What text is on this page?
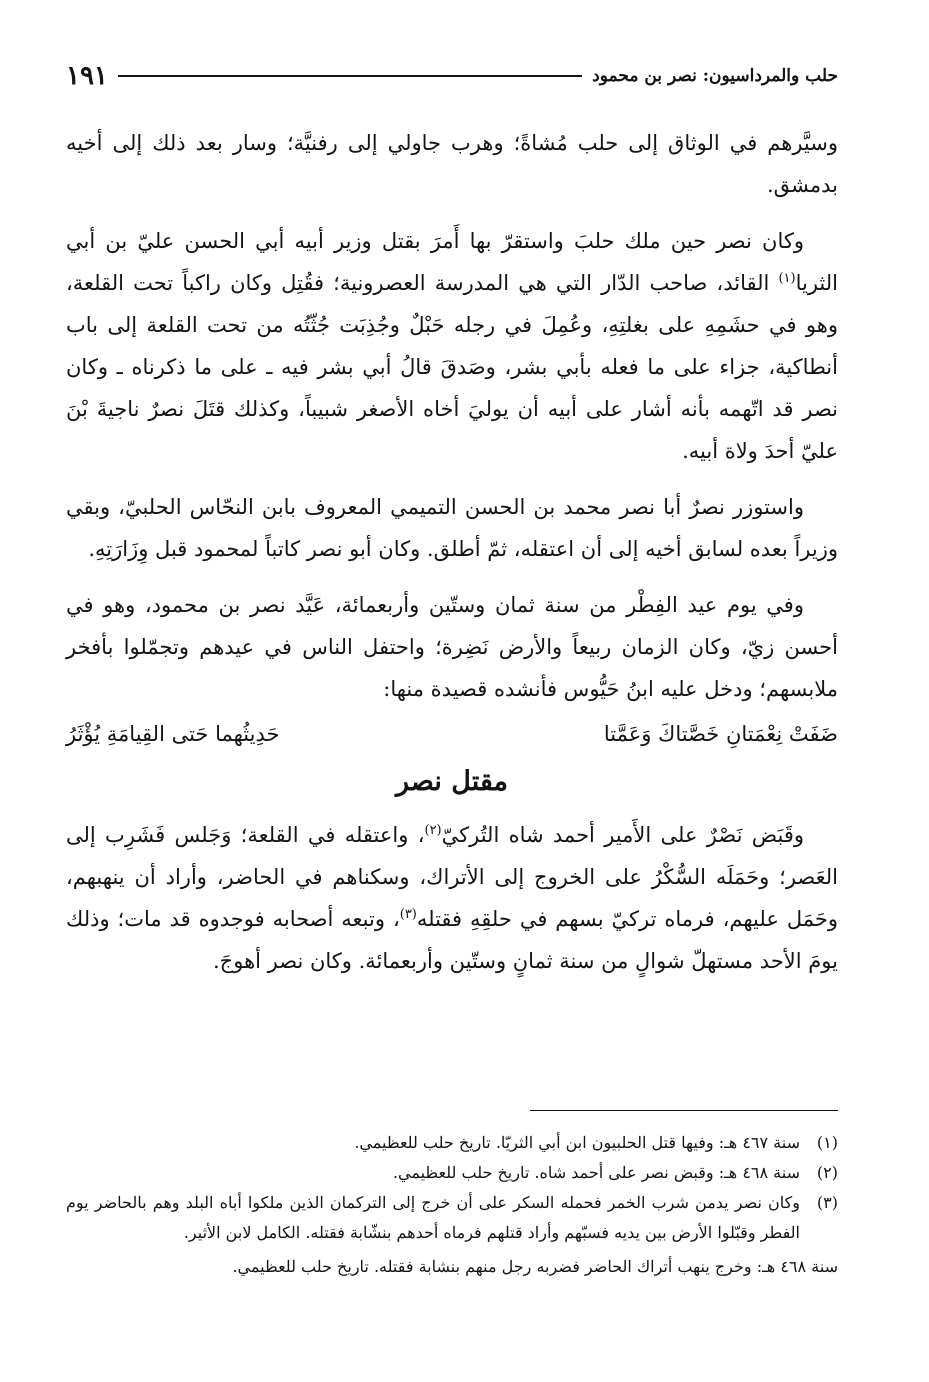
حلب والمرداسيون: نصر بن محمود
١٩١

وسيَّرهم في الوثاق إلى حلب مُشاةً؛ وهرب جاولي إلى رفنيَّة؛ وسار بعد ذلك إلى أخيه بدمشق.

وكان نصر حين ملك حلبَ واستقرّ بها أَمرَ بقتل وزير أبيه أبي الحسن عليّ بن أبي الثريا$^{(١)}$ القائد، صاحب الدّار التي هي المدرسة العصرونية؛ فقُتِل وكان راكباً تحت القلعة، وهو في حشَمِهِ على بغلتِهِ، وعُمِلَ في رجله حَبْلٌ وجُذِبَت جُثّتُه من تحت القلعة إلى باب أنطاكية، جزاء على ما فعله بأبي بشر، وصَدقَ قالُ أبي بشر فيه ـ على ما ذكرناه ـ وكان نصر قد اتّهمه بأنه أشار على أبيه أن يوليَ أخاه الأصغر شبيباً، وكذلك قتَلَ نصرٌ ناجيةَ بْنَ عليّ أحدَ ولاة أبيه.

واستوزر نصرٌ أبا نصر محمد بن الحسن التميمي المعروف بابن النحّاس الحلبيّ، وبقي وزيراً بعده لسابق أخيه إلى أن اعتقله، ثمّ أطلق. وكان أبو نصر كاتباً لمحمود قبل وِزَارَتِهِ.

وفي يوم عيد الفِطْر من سنة ثمان وستّين وأربعمائة، عَيَّد نصر بن محمود، وهو في أحسن زيّ، وكان الزمان ربيعاً والأرض نَضِرة؛ واحتفل الناس في عيدهم وتجمّلوا بأفخر ملابسهم؛ ودخل عليه ابنُ حَيُّوس فأنشده قصيدة منها:

ضَفَتْ نِعْمَتانِ خَصَّتاكَ وَعَمَّتا
حَدِيثُهما حَتى القِيامَةِ يُؤْثَرُ
مقتل نصر

وقَبَض نَصْرٌ على الأَمير أحمد شاه التُركيّ$^{(٢)}$، واعتقله في القلعة؛ وَجَلس فَشَرِب إلى العَصر؛ وحَمَلَه السُّكْرُ على الخروج إلى الأتراك، وسكناهم في الحاضر، وأراد أن ينهبهم، وحَمَل عليهم، فرماه تركيّ بسهم في حلقِهِ فقتله$^{(٣)}$، وتبعه أصحابه فوجدوه قد مات؛ وذلك يومَ الأحد مستهلّ شوالٍ من سنة ثمانٍ وستّين وأربعمائة. وكان نصر أهوجَ.

(١)
سنة ٤٦٧ هـ: وفيها قتل الحلبيون ابن أبي الثريّا. تاريخ حلب للعظيمي.
(٢)
سنة ٤٦٨ هـ: وقبض نصر على أحمد شاه. تاريخ حلب للعظيمي.
(٣)
وكان نصر يدمن شرب الخمر فحمله السكر على أن خرج إلى التركمان الذين ملكوا أباه البلد وهم بالحاضر يوم الفطر وقبّلوا الأرض بين يديه فسبّهم وأراد قتلهم فرماه أحدهم بنشّابة فقتله. الكامل لابن الأثير.
سنة ٤٦٨ هـ: وخرج ينهب أتراك الحاضر فضربه رجل منهم بنشابة فقتله. تاريخ حلب للعظيمي.
